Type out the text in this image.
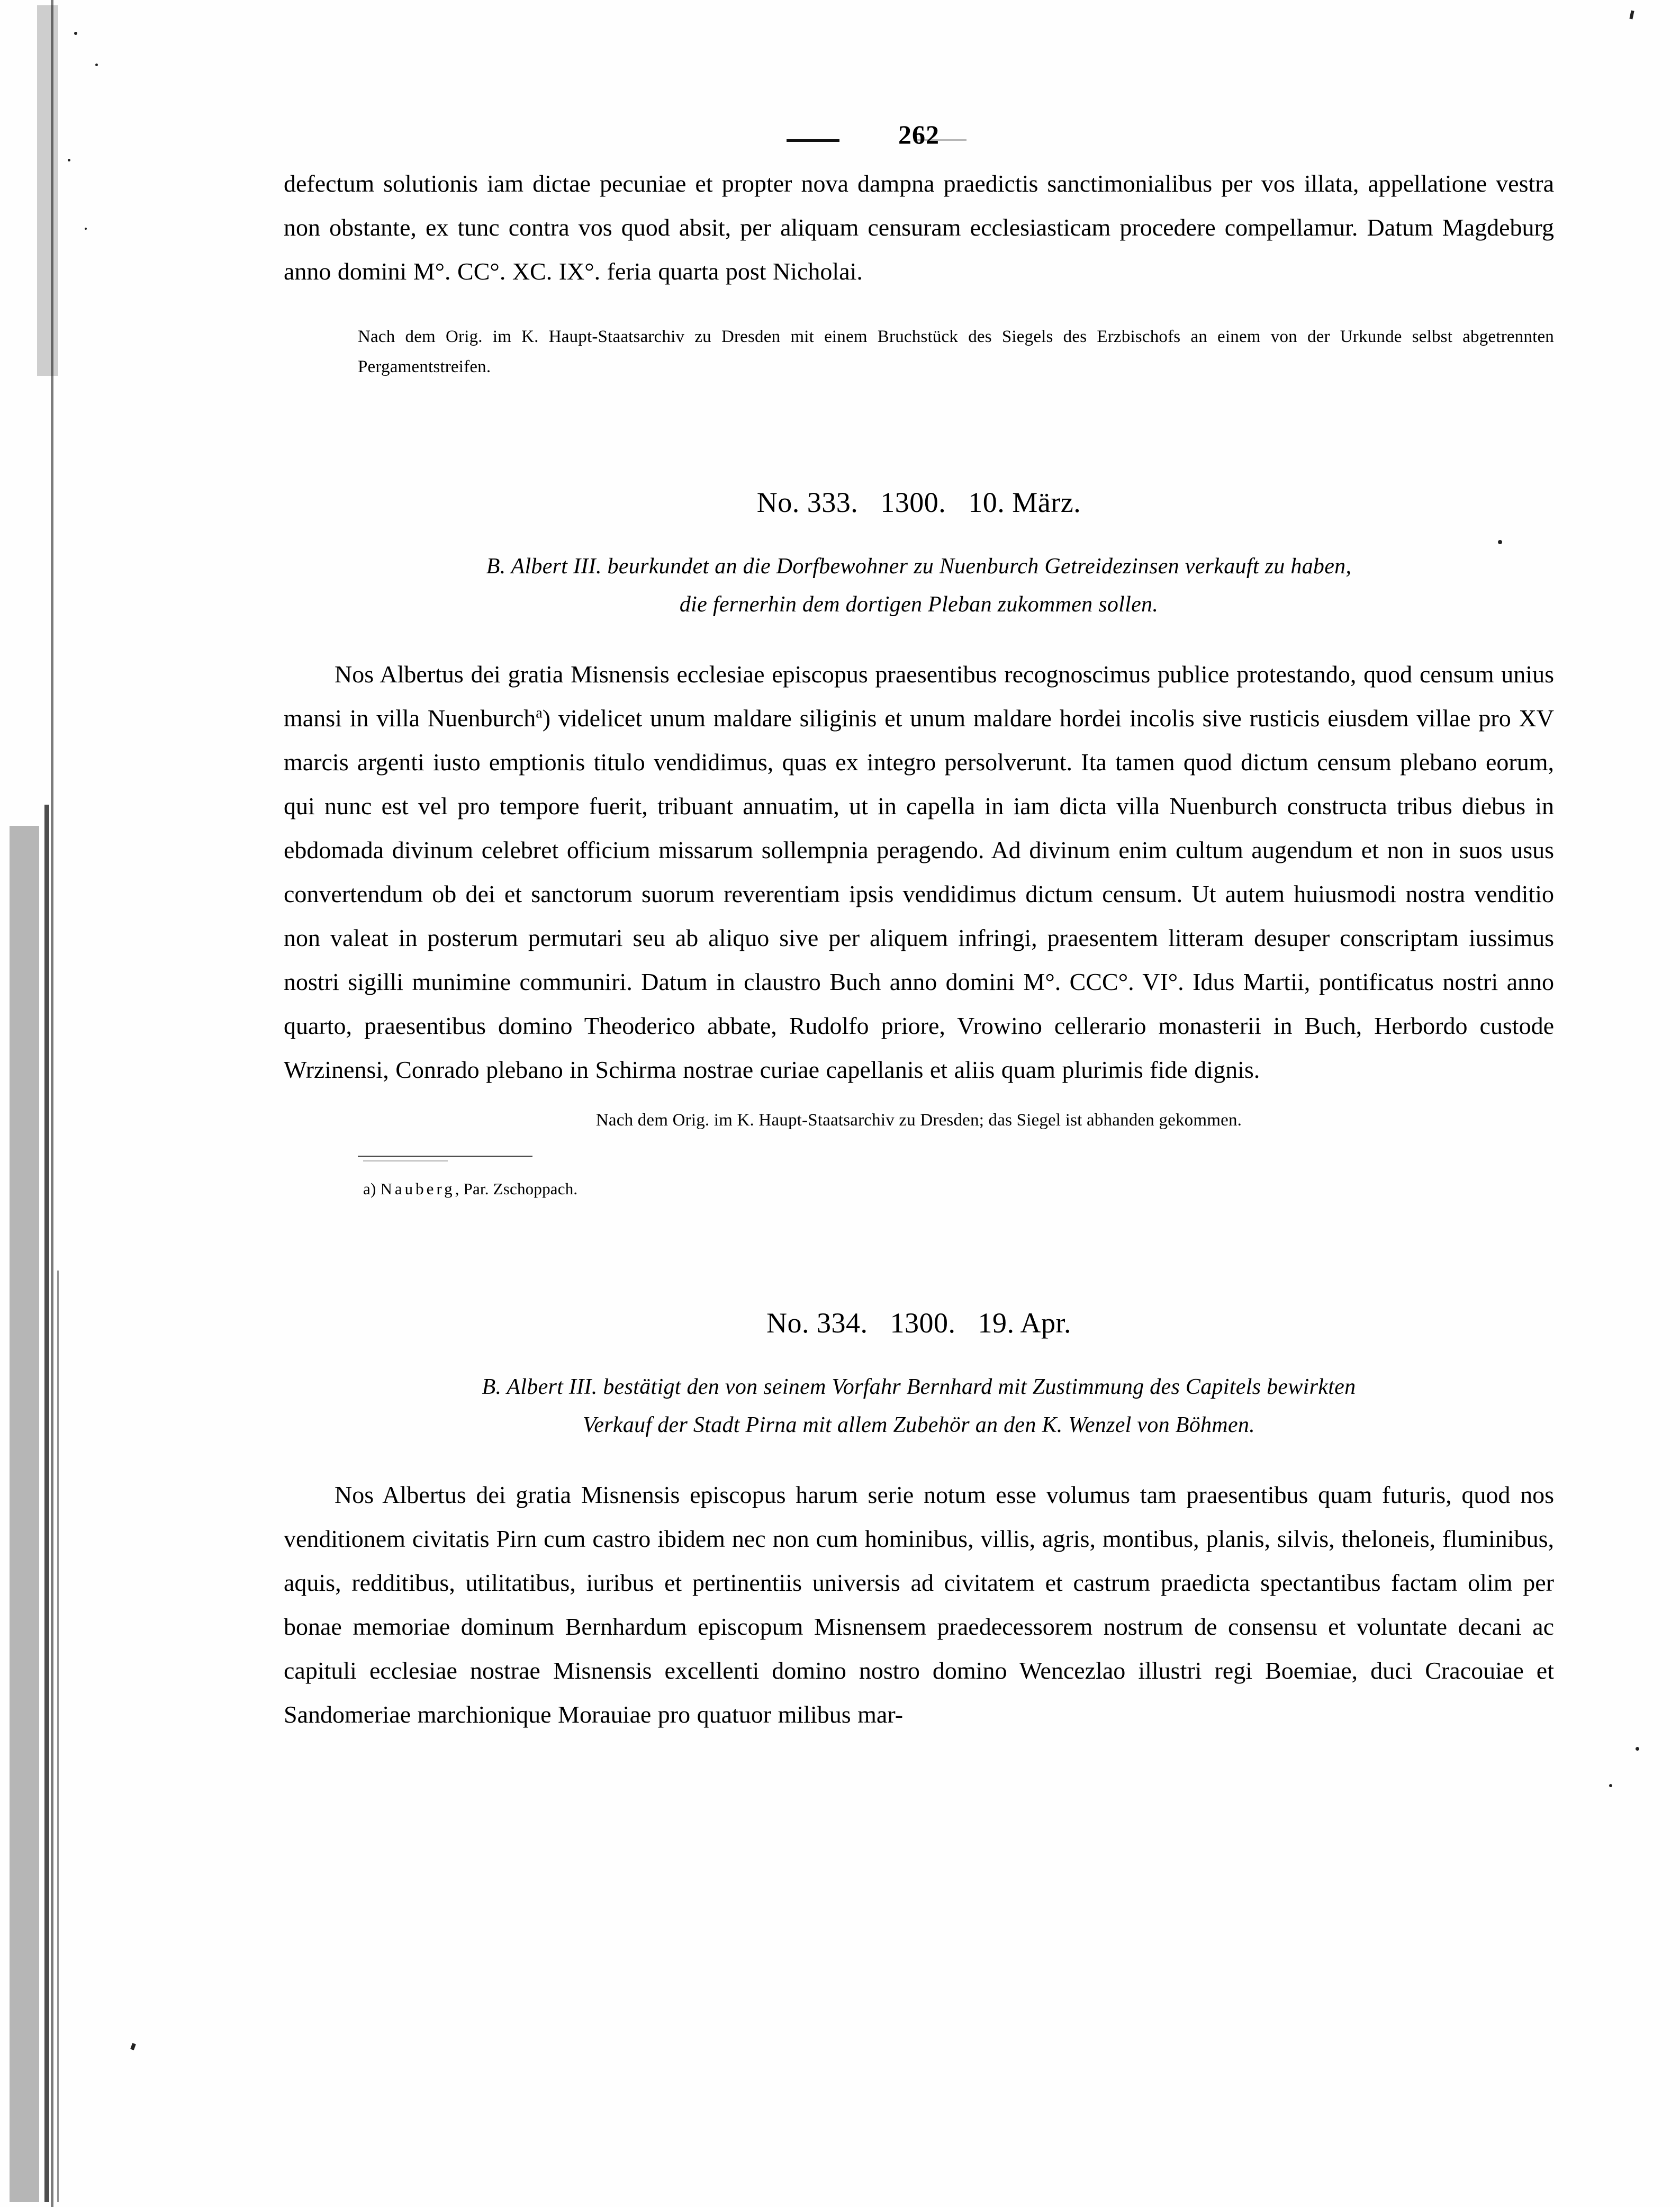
262
defectum solutionis iam dictae pecuniae et propter nova dampna praedictis sanctimonialibus per vos illata, appellatione vestra non obstante, ex tunc contra vos quod absit, per aliquam censuram ecclesiasticam procedere compellamur. Datum Magdeburg anno domini M°. CC°. XC. IX°. feria quarta post Nicholai.
Nach dem Orig. im K. Haupt-Staatsarchiv zu Dresden mit einem Bruchstück des Siegels des Erzbischofs an einem von der Urkunde selbst abgetrennten Pergamentstreifen.
No. 333.   1300.   10. März.
B. Albert III. beurkundet an die Dorfbewohner zu Nuenburch Getreidezinsen verkauft zu haben,
die fernerhin dem dortigen Pleban zukommen sollen.
Nos Albertus dei gratia Misnensis ecclesiae episcopus praesentibus recognoscimus publice protestando, quod censum unius mansi in villa Nuenburch$^a$) videlicet unum maldare siliginis et unum maldare hordei incolis sive rusticis eiusdem villae pro XV marcis argenti iusto emptionis titulo vendidimus, quas ex integro persolverunt. Ita tamen quod dictum censum plebano eorum, qui nunc est vel pro tempore fuerit, tribuant annuatim, ut in capella in iam dicta villa Nuenburch constructa tribus diebus in ebdomada divinum celebret officium missarum sollempnia peragendo. Ad divinum enim cultum augendum et non in suos usus convertendum ob dei et sanctorum suorum reverentiam ipsis vendidimus dictum censum. Ut autem huiusmodi nostra venditio non valeat in posterum permutari seu ab aliquo sive per aliquem infringi, praesentem litteram desuper conscriptam iussimus nostri sigilli munimine communiri. Datum in claustro Buch anno domini M°. CCC°. VI°. Idus Martii, pontificatus nostri anno quarto, praesentibus domino Theoderico abbate, Rudolfo priore, Vrowino cellerario monasterii in Buch, Herbordo custode Wrzinensi, Conrado plebano in Schirma nostrae curiae capellanis et aliis quam plurimis fide dignis.
Nach dem Orig. im K. Haupt-Staatsarchiv zu Dresden; das Siegel ist abhanden gekommen.
a) Nauberg, Par. Zschoppach.
No. 334.   1300.   19. Apr.
B. Albert III. bestätigt den von seinem Vorfahr Bernhard mit Zustimmung des Capitels bewirkten
Verkauf der Stadt Pirna mit allem Zubehör an den K. Wenzel von Böhmen.
Nos Albertus dei gratia Misnensis episcopus harum serie notum esse volumus tam praesentibus quam futuris, quod nos venditionem civitatis Pirn cum castro ibidem nec non cum hominibus, villis, agris, montibus, planis, silvis, theloneis, fluminibus, aquis, redditibus, utilitatibus, iuribus et pertinentiis universis ad civitatem et castrum praedicta spectantibus factam olim per bonae memoriae dominum Bernhardum episcopum Misnensem praedecessorem nostrum de consensu et voluntate decani ac capituli ecclesiae nostrae Misnensis excellenti domino nostro domino Wencezlao illustri regi Boemiae, duci Cracouiae et Sandomeriae marchionique Morauiae pro quatuor milibus mar-
